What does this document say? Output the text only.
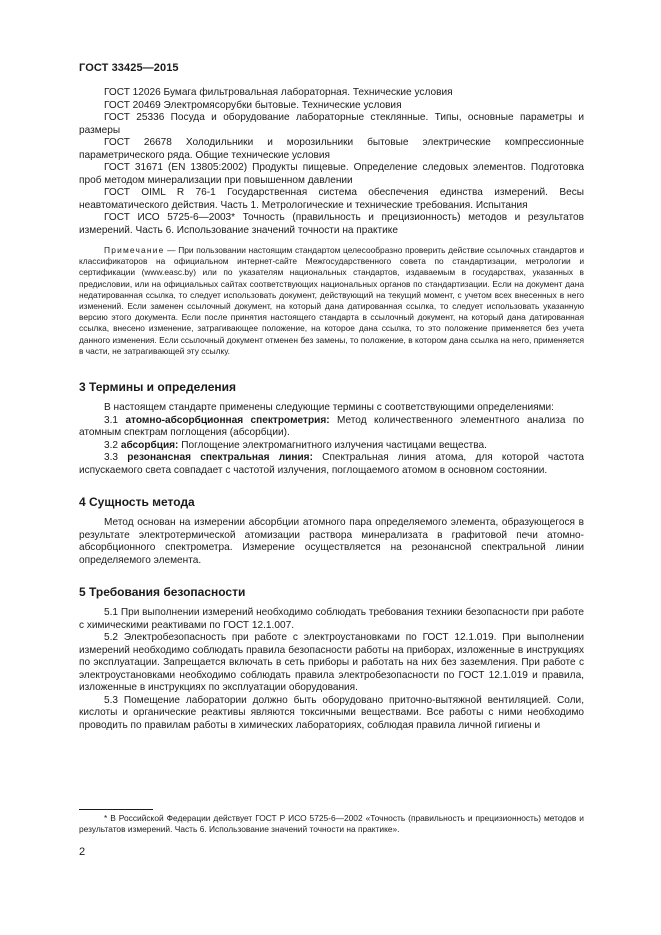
ГОСТ 33425—2015

ГОСТ 12026 Бумага фильтровальная лабораторная. Технические условия

ГОСТ 20469 Электромясорубки бытовые. Технические условия

ГОСТ 25336 Посуда и оборудование лабораторные стеклянные. Типы, основные параметры и размеры

ГОСТ 26678 Холодильники и морозильники бытовые электрические компрессионные параметрического ряда. Общие технические условия

ГОСТ 31671 (EN 13805:2002) Продукты пищевые. Определение следовых элементов. Подготовка проб методом минерализации при повышенном давлении

ГОСТ OIML R 76-1 Государственная система обеспечения единства измерений. Весы неавтоматического действия. Часть 1. Метрологические и технические требования. Испытания

ГОСТ ИСО 5725-6—2003* Точность (правильность и прецизионность) методов и результатов измерений. Часть 6. Использование значений точности на практике

Примечание — При пользовании настоящим стандартом целесообразно проверить действие ссылочных стандартов и классификаторов на официальном интернет-сайте Межгосударственного совета по стандартизации, метрологии и сертификации (www.easc.by) или по указателям национальных стандартов, издаваемым в государствах, указанных в предисловии, или на официальных сайтах соответствующих национальных органов по стандартизации. Если на документ дана недатированная ссылка, то следует использовать документ, действующий на текущий момент, с учетом всех внесенных в него изменений. Если заменен ссылочный документ, на который дана датированная ссылка, то следует использовать указанную версию этого документа. Если после принятия настоящего стандарта в ссылочный документ, на который дана датированная ссылка, внесено изменение, затрагивающее положение, на которое дана ссылка, то это положение применяется без учета данного изменения. Если ссылочный документ отменен без замены, то положение, в котором дана ссылка на него, применяется в части, не затрагивающей эту ссылку.

3 Термины и определения

В настоящем стандарте применены следующие термины с соответствующими определениями:

3.1 атомно-абсорбционная спектрометрия: Метод количественного элементного анализа по атомным спектрам поглощения (абсорбции).

3.2 абсорбция: Поглощение электромагнитного излучения частицами вещества.

3.3 резонансная спектральная линия: Спектральная линия атома, для которой частота испускаемого света совпадает с частотой излучения, поглощаемого атомом в основном состоянии.

4 Сущность метода

Метод основан на измерении абсорбции атомного пара определяемого элемента, образующегося в результате электротермической атомизации раствора минерализата в графитовой печи атомно-абсорбционного спектрометра. Измерение осуществляется на резонансной спектральной линии определяемого элемента.

5 Требования безопасности

5.1 При выполнении измерений необходимо соблюдать требования техники безопасности при работе с химическими реактивами по ГОСТ 12.1.007.

5.2 Электробезопасность при работе с электроустановками по ГОСТ 12.1.019. При выполнении измерений необходимо соблюдать правила безопасности работы на приборах, изложенные в инструкциях по эксплуатации. Запрещается включать в сеть приборы и работать на них без заземления. При работе с электроустановками необходимо соблюдать правила электробезопасности по ГОСТ 12.1.019 и правила, изложенные в инструкциях по эксплуатации оборудования.

5.3 Помещение лаборатории должно быть оборудовано приточно-вытяжной вентиляцией. Соли, кислоты и органические реактивы являются токсичными веществами. Все работы с ними необходимо проводить по правилам работы в химических лабораториях, соблюдая правила личной гигиены и

* В Российской Федерации действует ГОСТ Р ИСО 5725-6—2002 «Точность (правильность и прецизионность) методов и результатов измерений. Часть 6. Использование значений точности на практике».

2
